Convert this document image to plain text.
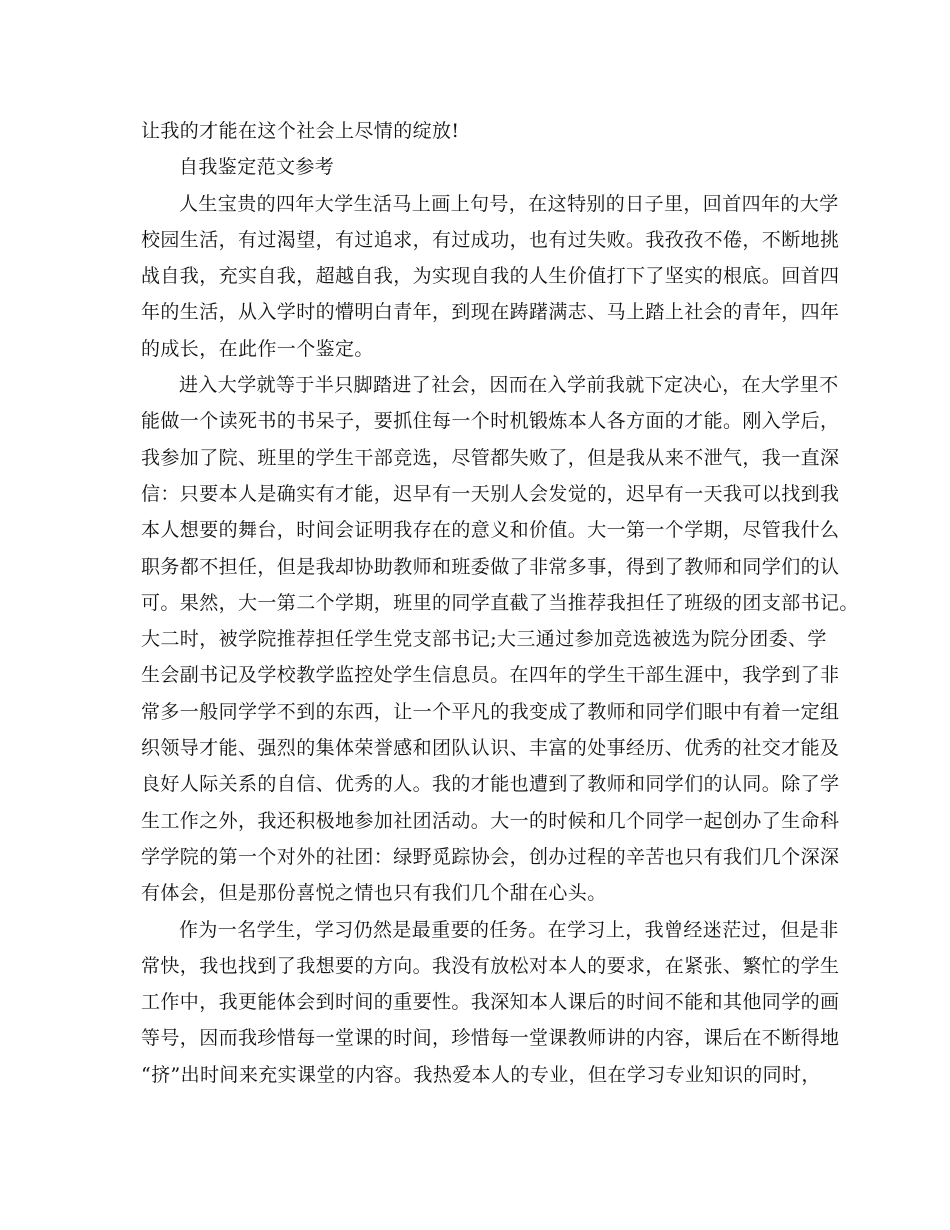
让我的才能在这个社会上尽情的绽放!

自我鉴定范文参考

人生宝贵的四年大学生活马上画上句号，在这特别的日子里，回首四年的大学

校园生活，有过渴望，有过追求，有过成功，也有过失败。我孜孜不倦，不断地挑

战自我，充实自我，超越自我，为实现自我的人生价值打下了坚实的根底。回首四

年的生活，从入学时的懵明白青年，到现在踌躇满志、马上踏上社会的青年，四年

的成长，在此作一个鉴定。

进入大学就等于半只脚踏进了社会，因而在入学前我就下定决心，在大学里不

能做一个读死书的书呆子，要抓住每一个时机锻炼本人各方面的才能。刚入学后，

我参加了院、班里的学生干部竞选，尽管都失败了，但是我从来不泄气，我一直深

信：只要本人是确实有才能，迟早有一天别人会发觉的，迟早有一天我可以找到我

本人想要的舞台，时间会证明我存在的意义和价值。大一第一个学期，尽管我什么

职务都不担任，但是我却协助教师和班委做了非常多事，得到了教师和同学们的认

可。果然，大一第二个学期，班里的同学直截了当推荐我担任了班级的团支部书记。

大二时，被学院推荐担任学生党支部书记;大三通过参加竞选被选为院分团委、学

生会副书记及学校教学监控处学生信息员。在四年的学生干部生涯中，我学到了非

常多一般同学学不到的东西，让一个平凡的我变成了教师和同学们眼中有着一定组

织领导才能、强烈的集体荣誉感和团队认识、丰富的处事经历、优秀的社交才能及

良好人际关系的自信、优秀的人。我的才能也遭到了教师和同学们的认同。除了学

生工作之外，我还积极地参加社团活动。大一的时候和几个同学一起创办了生命科

学学院的第一个对外的社团：绿野觅踪协会，创办过程的辛苦也只有我们几个深深

有体会，但是那份喜悦之情也只有我们几个甜在心头。

作为一名学生，学习仍然是最重要的任务。在学习上，我曾经迷茫过，但是非

常快，我也找到了我想要的方向。我没有放松对本人的要求，在紧张、繁忙的学生

工作中，我更能体会到时间的重要性。我深知本人课后的时间不能和其他同学的画

等号，因而我珍惜每一堂课的时间，珍惜每一堂课教师讲的内容，课后在不断得地

“挤”出时间来充实课堂的内容。我热爱本人的专业，但在学习专业知识的同时，
